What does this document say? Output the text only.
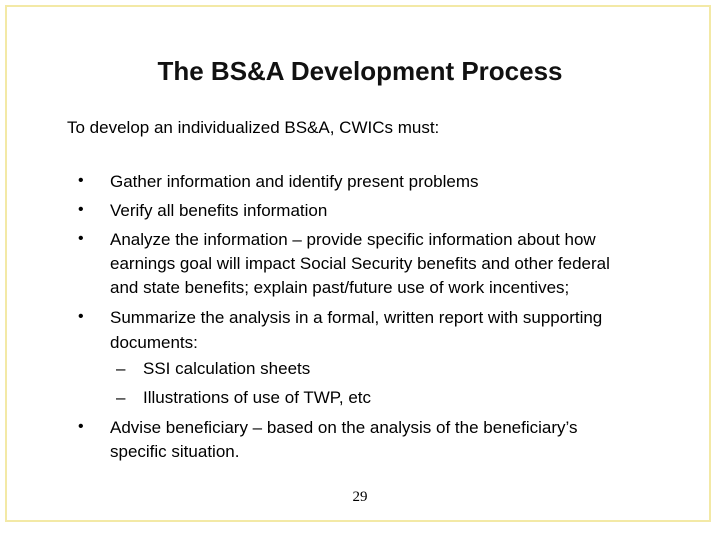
The BS&A Development Process
To develop an individualized BS&A, CWICs must:
• Gather information and identify present problems
• Verify all benefits information
• Analyze the information – provide specific information about how
earnings goal will impact Social Security benefits and other federal
and state benefits; explain past/future use of work incentives;
• Summarize the analysis in a formal, written report with supporting
documents:
– SSI calculation sheets
– Illustrations of use of TWP, etc
• Advise beneficiary – based on the analysis of the beneficiary’s
specific situation.
29
